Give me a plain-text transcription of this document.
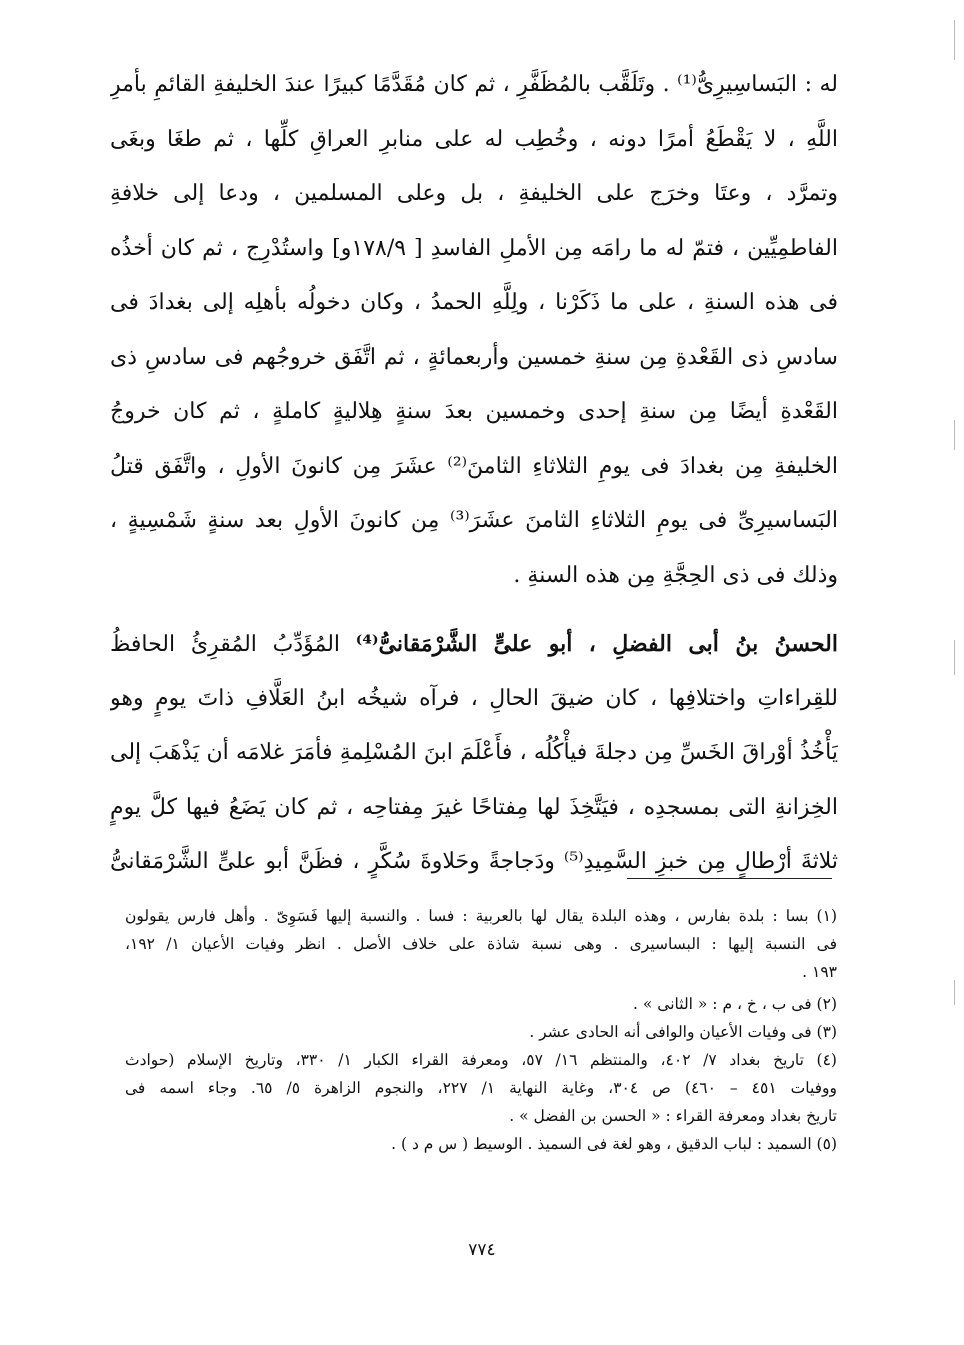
له : البَساسِيرِىُّ⁽¹⁾ . وتَلَقَّب بالمُظَفَّرِ ، ثم كان مُقَدَّمًا كبيرًا عندَ الخليفةِ القائمِ بأمرِ
اللَّهِ ، لا يَقْطَعُ أمرًا دونه ، وخُطِب له على منابرِ العراقِ كلِّها ، ثم طغَا وبغَى
وتمرَّد ، وعتَا وخرَج على الخليفةِ ، بل وعلى المسلمين ، ودعا إلى خلافةِ
الفاطمِيِّين ، فتمّ له ما رامَه مِن الأملِ الفاسدِ [ ١٧٨/٩و] واستُدْرِج ، ثم كان أخذُه
فى هذه السنةِ ، على ما ذَكَرْنا ، ولِلَّهِ الحمدُ ، وكان دخولُه بأهلِه إلى بغدادَ فى
سادسِ ذى القَعْدةِ مِن سنةِ خمسين وأربعمائةٍ ، ثم اتَّفَق خروجُهم فى سادسِ ذى
القَعْدةِ أيضًا مِن سنةِ إحدى وخمسين بعدَ سنةٍ هِلاليةٍ كاملةٍ ، ثم كان خروجُ
الخليفةِ مِن بغدادَ فى يومِ الثلاثاءِ الثامنَ⁽²⁾ عشَرَ مِن كانونَ الأولِ ، واتَّفَق قتلُ
البَساسيرِىِّ فى يومِ الثلاثاءِ الثامنَ عشَرَ⁽³⁾ مِن كانونَ الأولِ بعد سنةٍ شَمْسِيةٍ ،
وذلك فى ذى الحِجَّةِ مِن هذه السنةِ .
الحسنُ بنُ أبى الفضلِ ، أبو علىٍّ الشَّرْمَقانىُّ⁽⁴⁾ المُؤَدِّبُ المُقرِئُ الحافظُ
للقِراءاتِ واختلافِها ، كان ضيقَ الحالِ ، فرآه شيخُه ابنُ العَلَّافِ ذاتَ يومٍ وهو
يَأْخُذُ أوْراقَ الخَسِّ مِن دجلةَ فيأْكُلُه ، فأَعْلَمَ ابنَ المُسْلِمةِ فأمَرَ غلامَه أن يَذْهَبَ إلى
الخِزانةِ التى بمسجدِه ، فيَتَّخِذَ لها مِفتاحًا غيرَ مِفتاحِه ، ثم كان يَضَعُ فيها كلَّ يومٍ
ثلاثةَ أرْطالٍ مِن خبزِ السَّمِيدِ⁽⁵⁾ ودَجاجةً وحَلاوةَ سُكَّرٍ ، فظَنَّ أبو علىٍّ الشَّرْمَقانىُّ
(١) بسا : بلدة بفارس ، وهذه البلدة يقال لها بالعربية : فسا . والنسبة إليها فَسَوِىّ . وأهل فارس يقولون
فى النسبة إليها : البساسيرى . وهى نسبة شاذة على خلاف الأصل . انظر وفيات الأعيان ١/ ١٩٢،
١٩٣ .
(٢) فى ب ، خ ، م : « الثانى » .
(٣) فى وفيات الأعيان والوافى أنه الحادى عشر .
(٤) تاريخ بغداد ٧/ ٤٠٢، والمنتظم ١٦/ ٥٧، ومعرفة القراء الكبار ١/ ٣٣٠، وتاريخ الإسلام (حوادث
ووفيات ٤٥١ – ٤٦٠) ص ٣٠٤، وغاية النهاية ١/ ٢٢٧، والنجوم الزاهرة ٥/ ٦٥. وجاء اسمه فى
تاريخ بغداد ومعرفة القراء : « الحسن بن الفضل » .
(٥) السميد : لباب الدقيق ، وهو لغة فى السميذ . الوسيط ( س م د ) .
٧٧٤
